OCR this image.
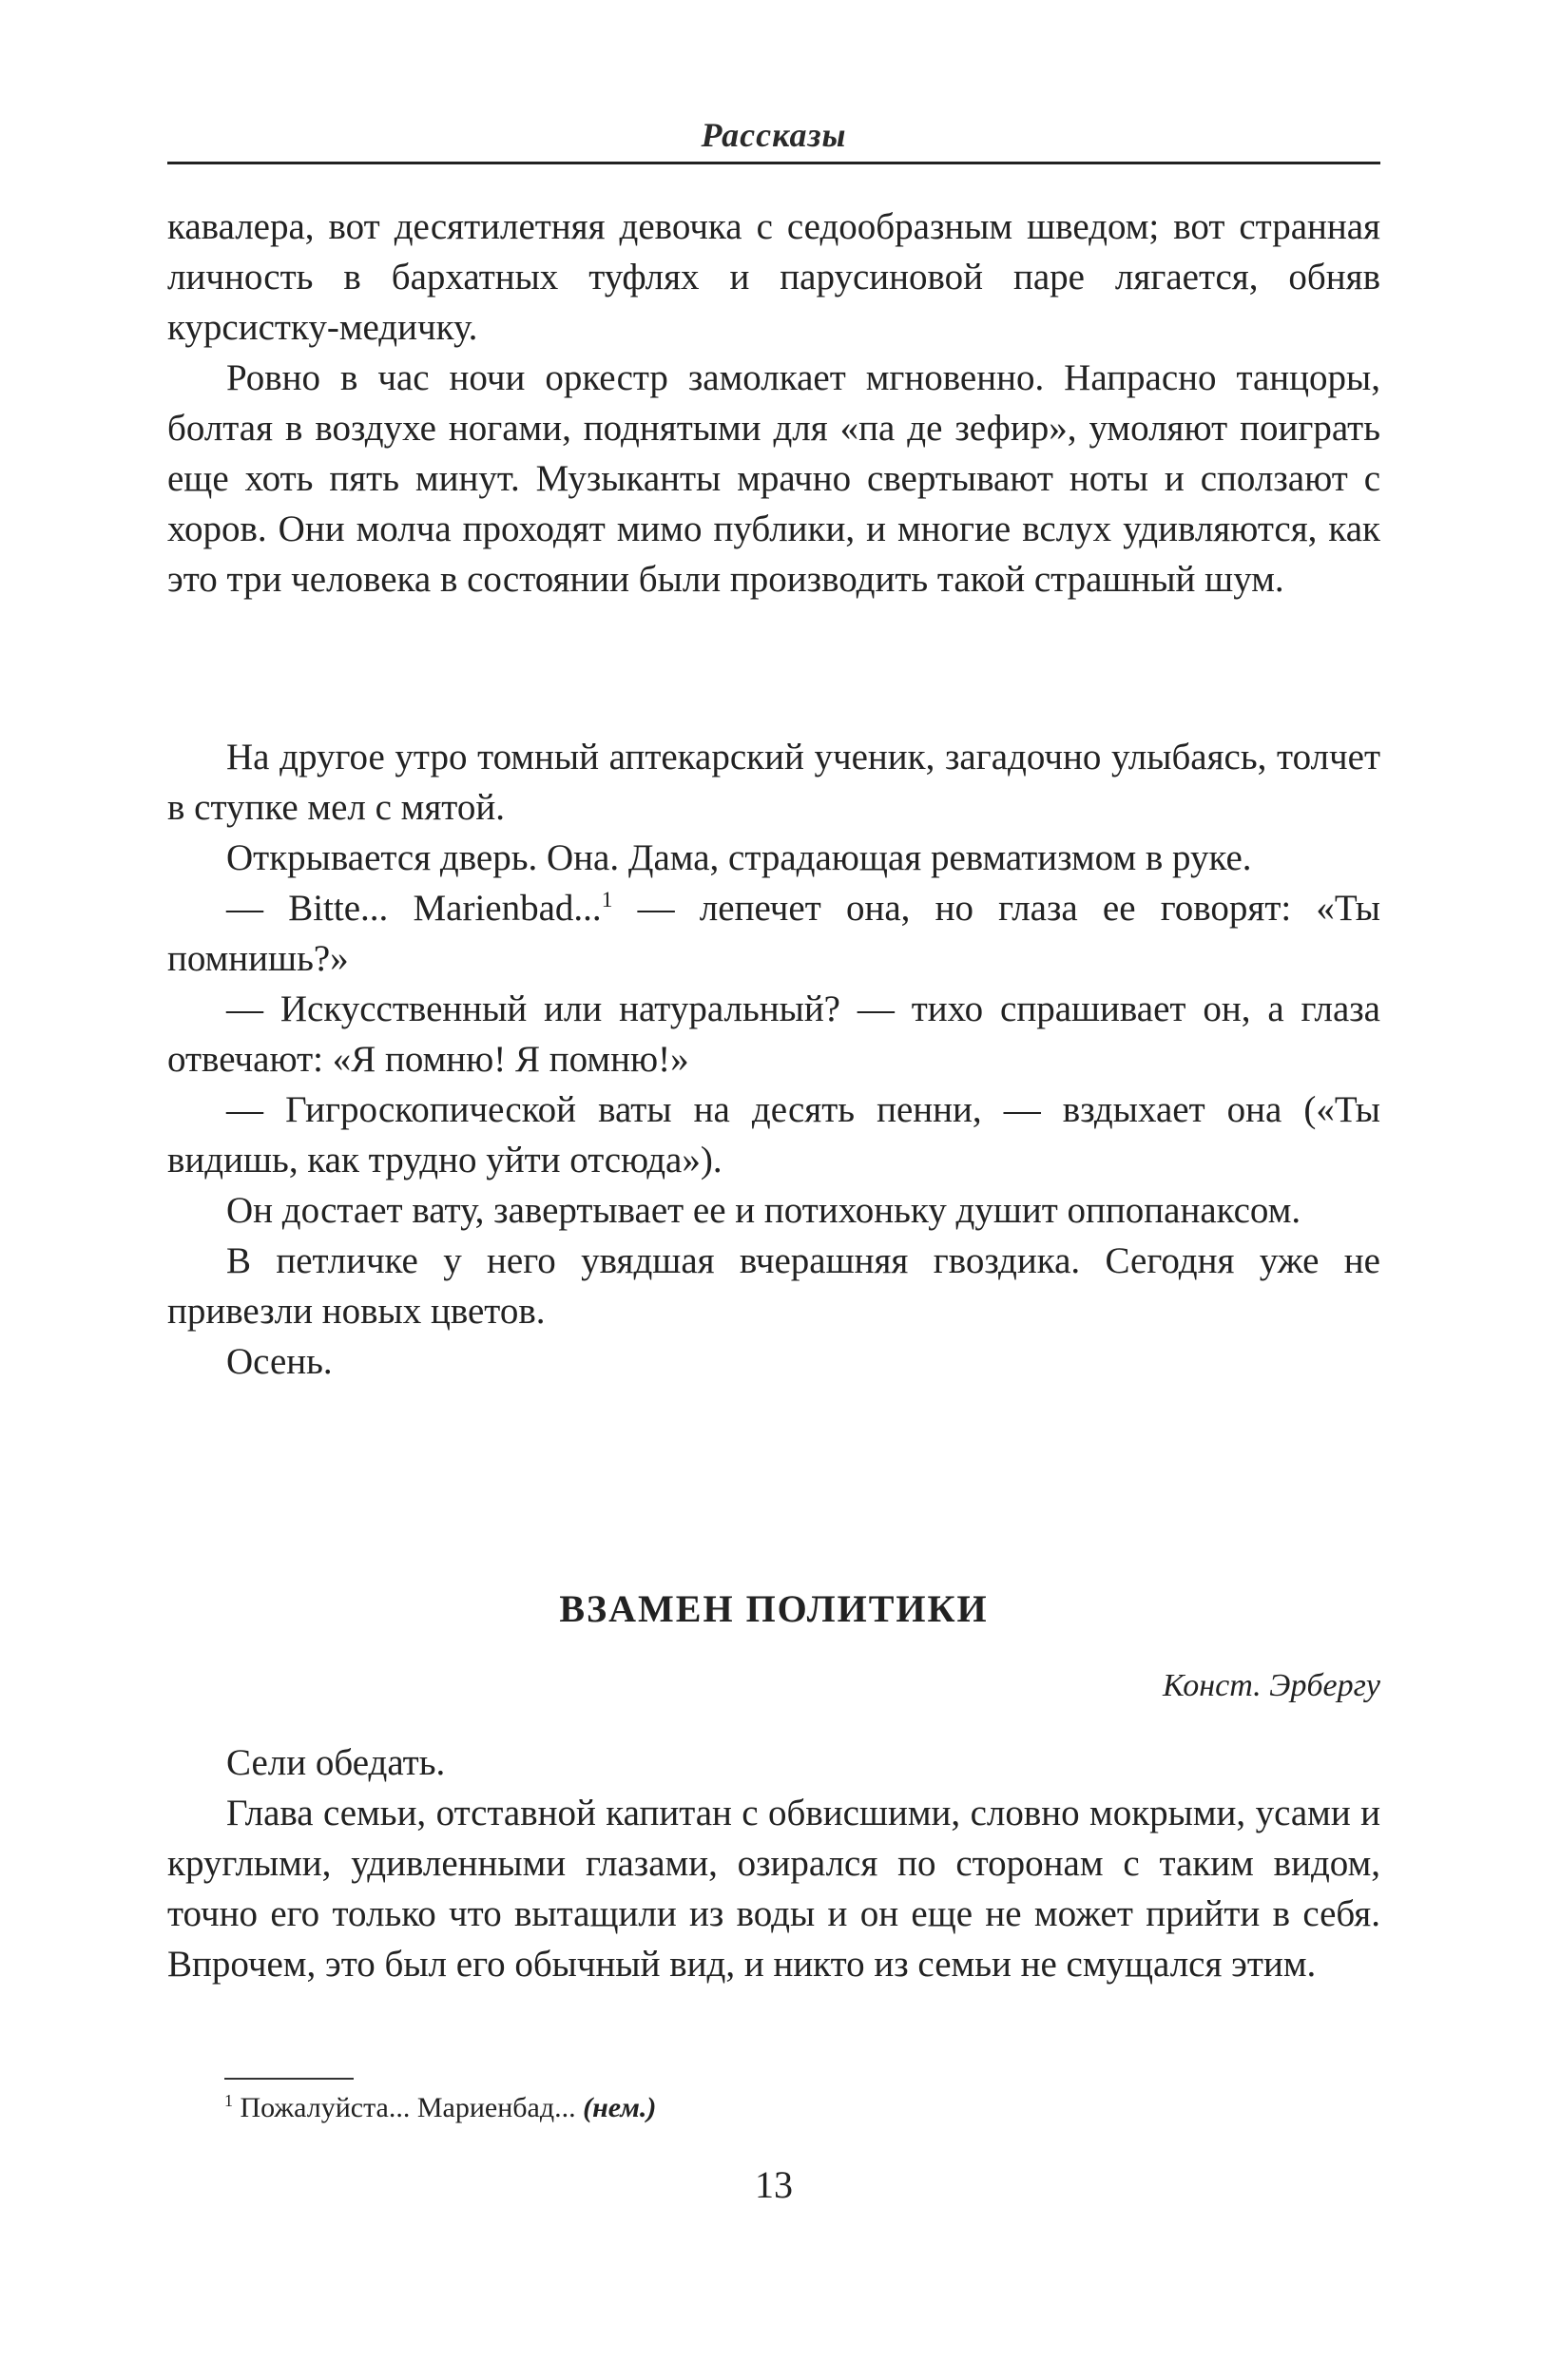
Рассказы

кавалера, вот десятилетняя девочка с седообразным шведом; вот странная личность в бархатных туфлях и парусиновой паре лягается, обняв курсистку-медичку.

Ровно в час ночи оркестр замолкает мгновенно. Напрасно танцоры, болтая в воздухе ногами, поднятыми для «па де зефир», умоляют поиграть еще хоть пять минут. Музыканты мрачно свертывают ноты и сползают с хоров. Они молча проходят мимо публики, и многие вслух удивляются, как это три человека в состоянии были производить такой страшный шум.

На другое утро томный аптекарский ученик, загадочно улыбаясь, толчет в ступке мел с мятой.

Открывается дверь. Она. Дама, страдающая ревматизмом в руке.

— Bitte... Marienbad...$^1$ — лепечет она, но глаза ее говорят: «Ты помнишь?»

— Искусственный или натуральный? — тихо спрашивает он, а глаза отвечают: «Я помню! Я помню!»

— Гигроскопической ваты на десять пенни, — вздыхает она («Ты видишь, как трудно уйти отсюда»).

Он достает вату, завертывает ее и потихоньку душит оппопанаксом.

В петличке у него увядшая вчерашняя гвоздика. Сегодня уже не привезли новых цветов.

Осень.

ВЗАМЕН ПОЛИТИКИ
Конст. Эрбергу

Сели обедать.

Глава семьи, отставной капитан с обвисшими, словно мокрыми, усами и круглыми, удивленными глазами, озирался по сторонам с таким видом, точно его только что вытащили из воды и он еще не может прийти в себя. Впрочем, это был его обычный вид, и никто из семьи не смущался этим.

$^1$ Пожалуйста... Мариенбад... (нем.)
13
